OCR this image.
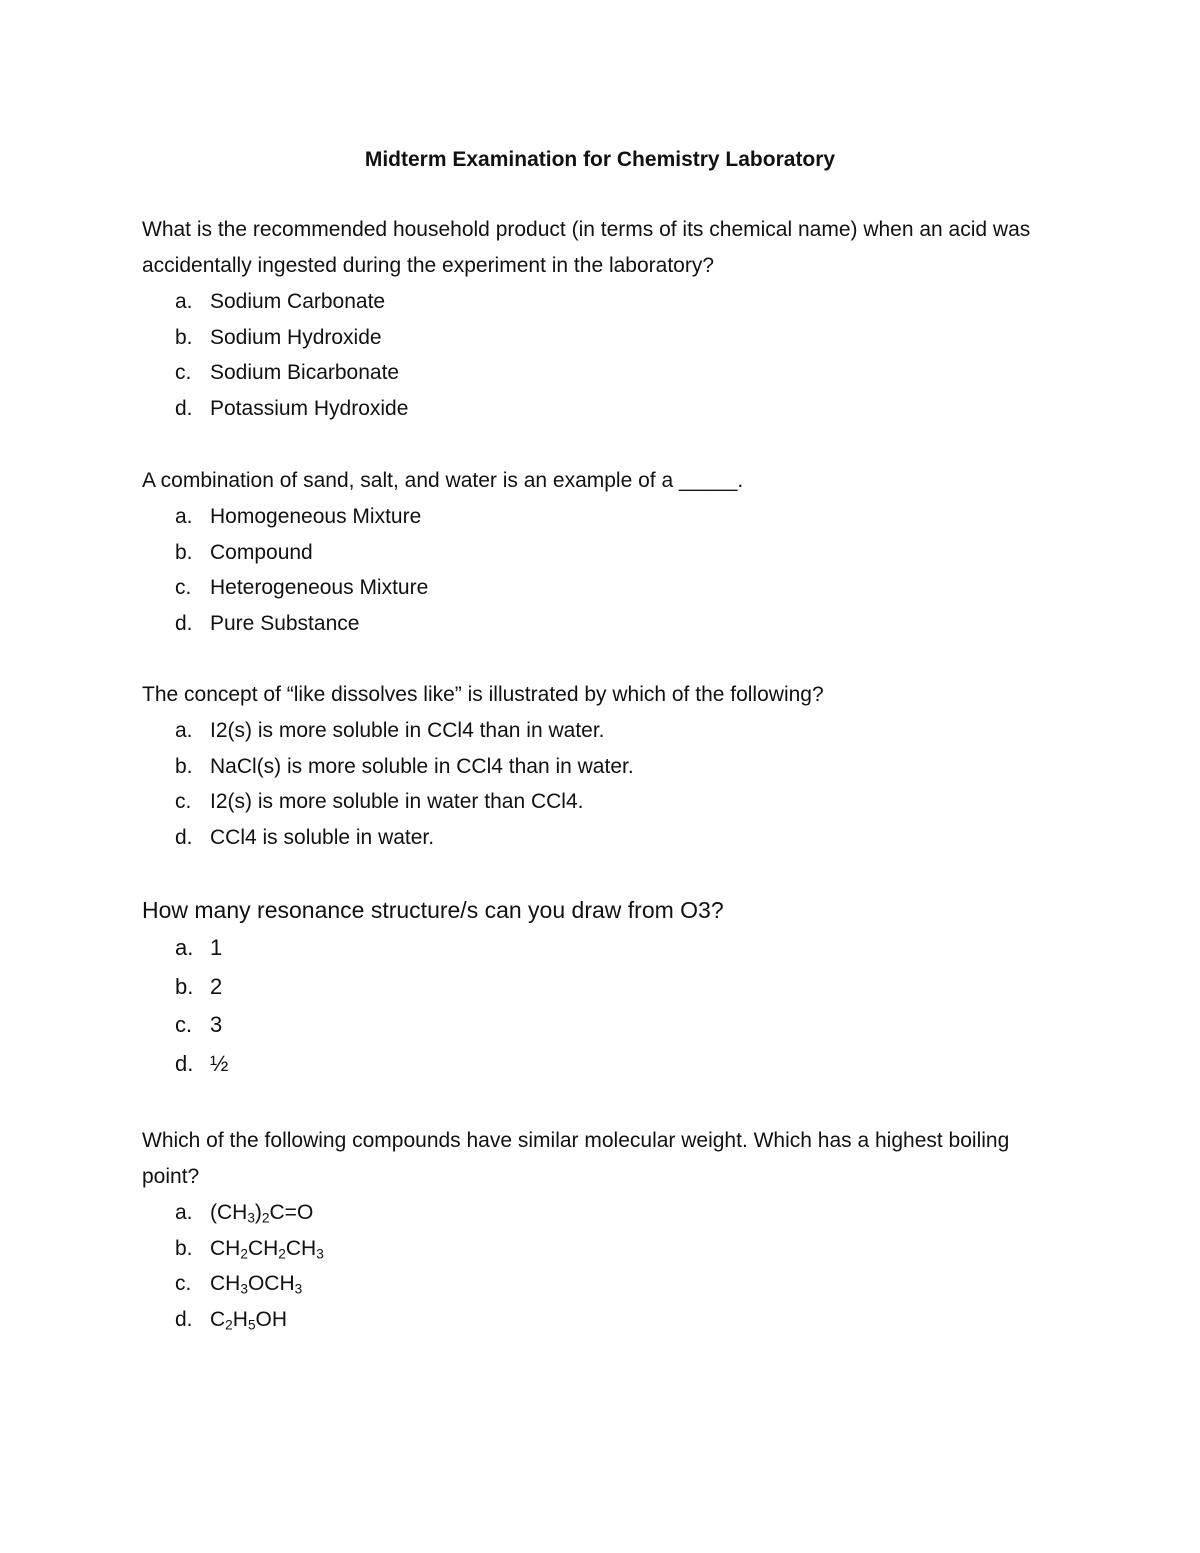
Midterm Examination for Chemistry Laboratory
What is the recommended household product (in terms of its chemical name) when an acid was accidentally ingested during the experiment in the laboratory?
a. Sodium Carbonate
b. Sodium Hydroxide
c. Sodium Bicarbonate
d. Potassium Hydroxide
A combination of sand, salt, and water is an example of a _____.
a. Homogeneous Mixture
b. Compound
c. Heterogeneous Mixture
d. Pure Substance
The concept of “like dissolves like” is illustrated by which of the following?
a. I2(s) is more soluble in CCl4 than in water.
b. NaCl(s) is more soluble in CCl4 than in water.
c. I2(s) is more soluble in water than CCl4.
d. CCl4 is soluble in water.
How many resonance structure/s can you draw from O3?
a. 1
b. 2
c. 3
d. ½
Which of the following compounds have similar molecular weight. Which has a highest boiling point?
a. $(CH_3)_2C=O$
b. $CH_2CH_2CH_3$
c. $CH_3OCH_3$
d. $C_2H_5OH$
